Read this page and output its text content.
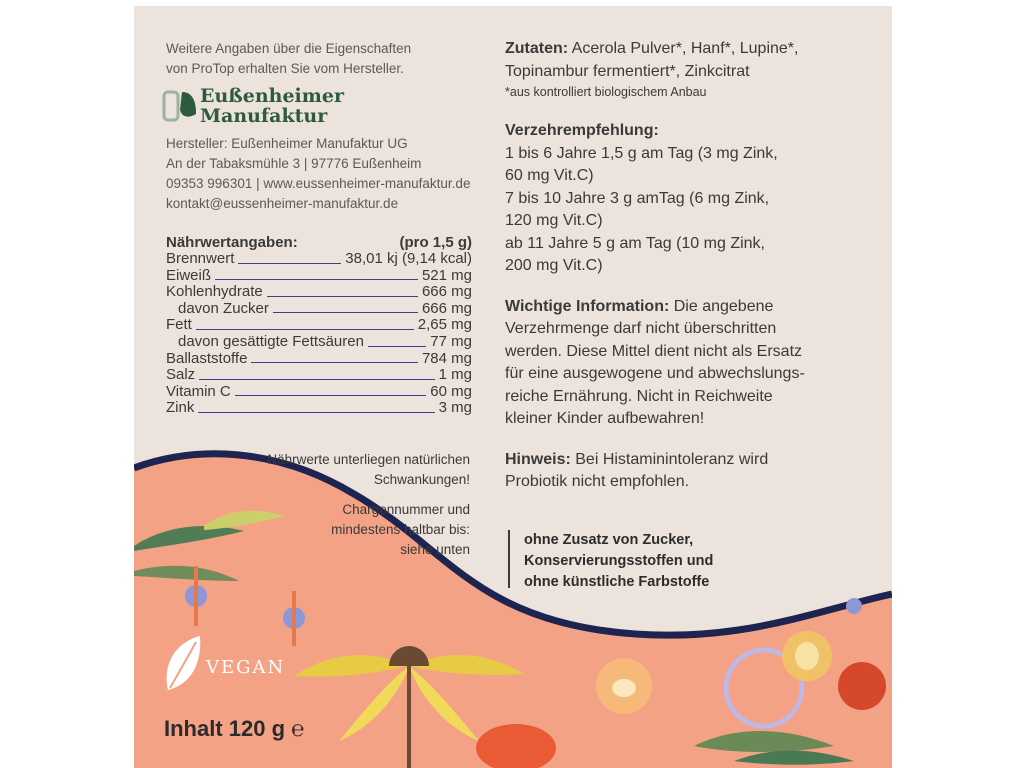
Weitere Angaben über die Eigenschaften
von ProTop erhalten Sie vom Hersteller.
Eußenheimer
Manufaktur
Hersteller: Eußenheimer Manufaktur UG
An der Tabaksmühle 3 | 97776 Eußenheim
09353 996301 | www.eussenheimer-manufaktur.de
kontakt@eussenheimer-manufaktur.de
Nährwertangaben:	(pro 1,5 g)
Brennwert	38,01 kj (9,14 kcal)
Eiweiß	521 mg
Kohlenhydrate	666 mg
davon Zucker	666 mg
Fett	2,65 mg
davon gesättigte Fettsäuren	77 mg
Ballaststoffe	784 mg
Salz	1 mg
Vitamin C	60 mg
Zink	3 mg
Nährwerte unterliegen natürlichen
Schwankungen!
Chargennummer und
mindestens haltbar bis:
siehe unten
Zutaten: Acerola Pulver*, Hanf*, Lupine*,
Topinambur fermentiert*, Zinkcitrat
*aus kontrolliert biologischem Anbau
Verzehrempfehlung:
1 bis 6 Jahre 1,5 g am Tag (3 mg Zink,
60 mg Vit.C)
7 bis 10 Jahre 3 g amTag (6 mg Zink,
120 mg Vit.C)
ab 11 Jahre 5 g am Tag (10 mg Zink,
200 mg Vit.C)
Wichtige Information: Die angebene
Verzehrmenge darf nicht überschritten
werden. Diese Mittel dient nicht als Ersatz
für eine ausgewogene und abwechslungs-
reiche Ernährung. Nicht in Reichweite
kleiner Kinder aufbewahren!
Hinweis: Bei Histaminintoleranz wird
Probiotik nicht empfohlen.
ohne Zusatz von Zucker,
Konservierungsstoffen und
ohne künstliche Farbstoffe
VEGAN
Inhalt 120 g ℮
